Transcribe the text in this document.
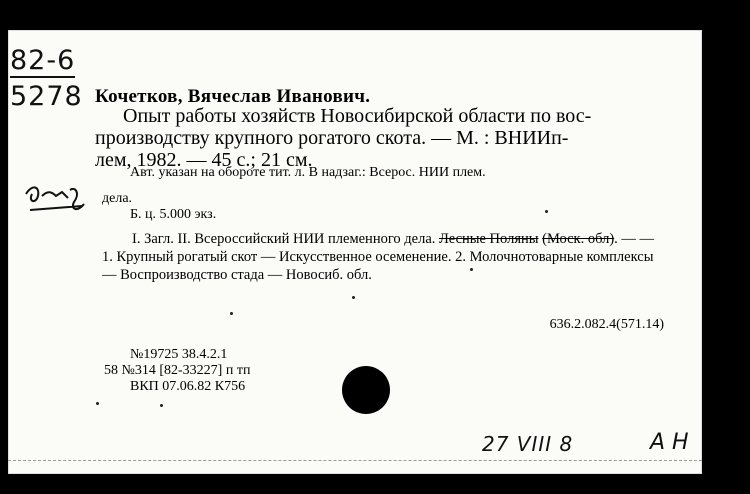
82-6
5278 Кочетков, Вячеслав Иванович.
Опыт работы хозяйств Новосибирской области по вос-
производству крупного рогатого скота. — М. : ВНИИп-
лем, 1982. — 45 с.; 21 см.
Авт. указан на обороте тит. л. В надзаг.: Всерос. НИИ плем.
дела.
Б. ц. 5.000 экз.
I. Загл. II. Всероссийский НИИ племенного дела. Лесные Поляны (Моск. обл). — — 1. Крупный рогатый скот — Искусственное осеменение. 2. Молочнотоварные комплексы — Воспроизводство стада — Новосиб. обл.
636.2.082.4(571.14)
№19725 38.4.2.1
58 №314 [82-33227] п тп
ВКП 07.06.82 К756
27 VIII 8	А Н
